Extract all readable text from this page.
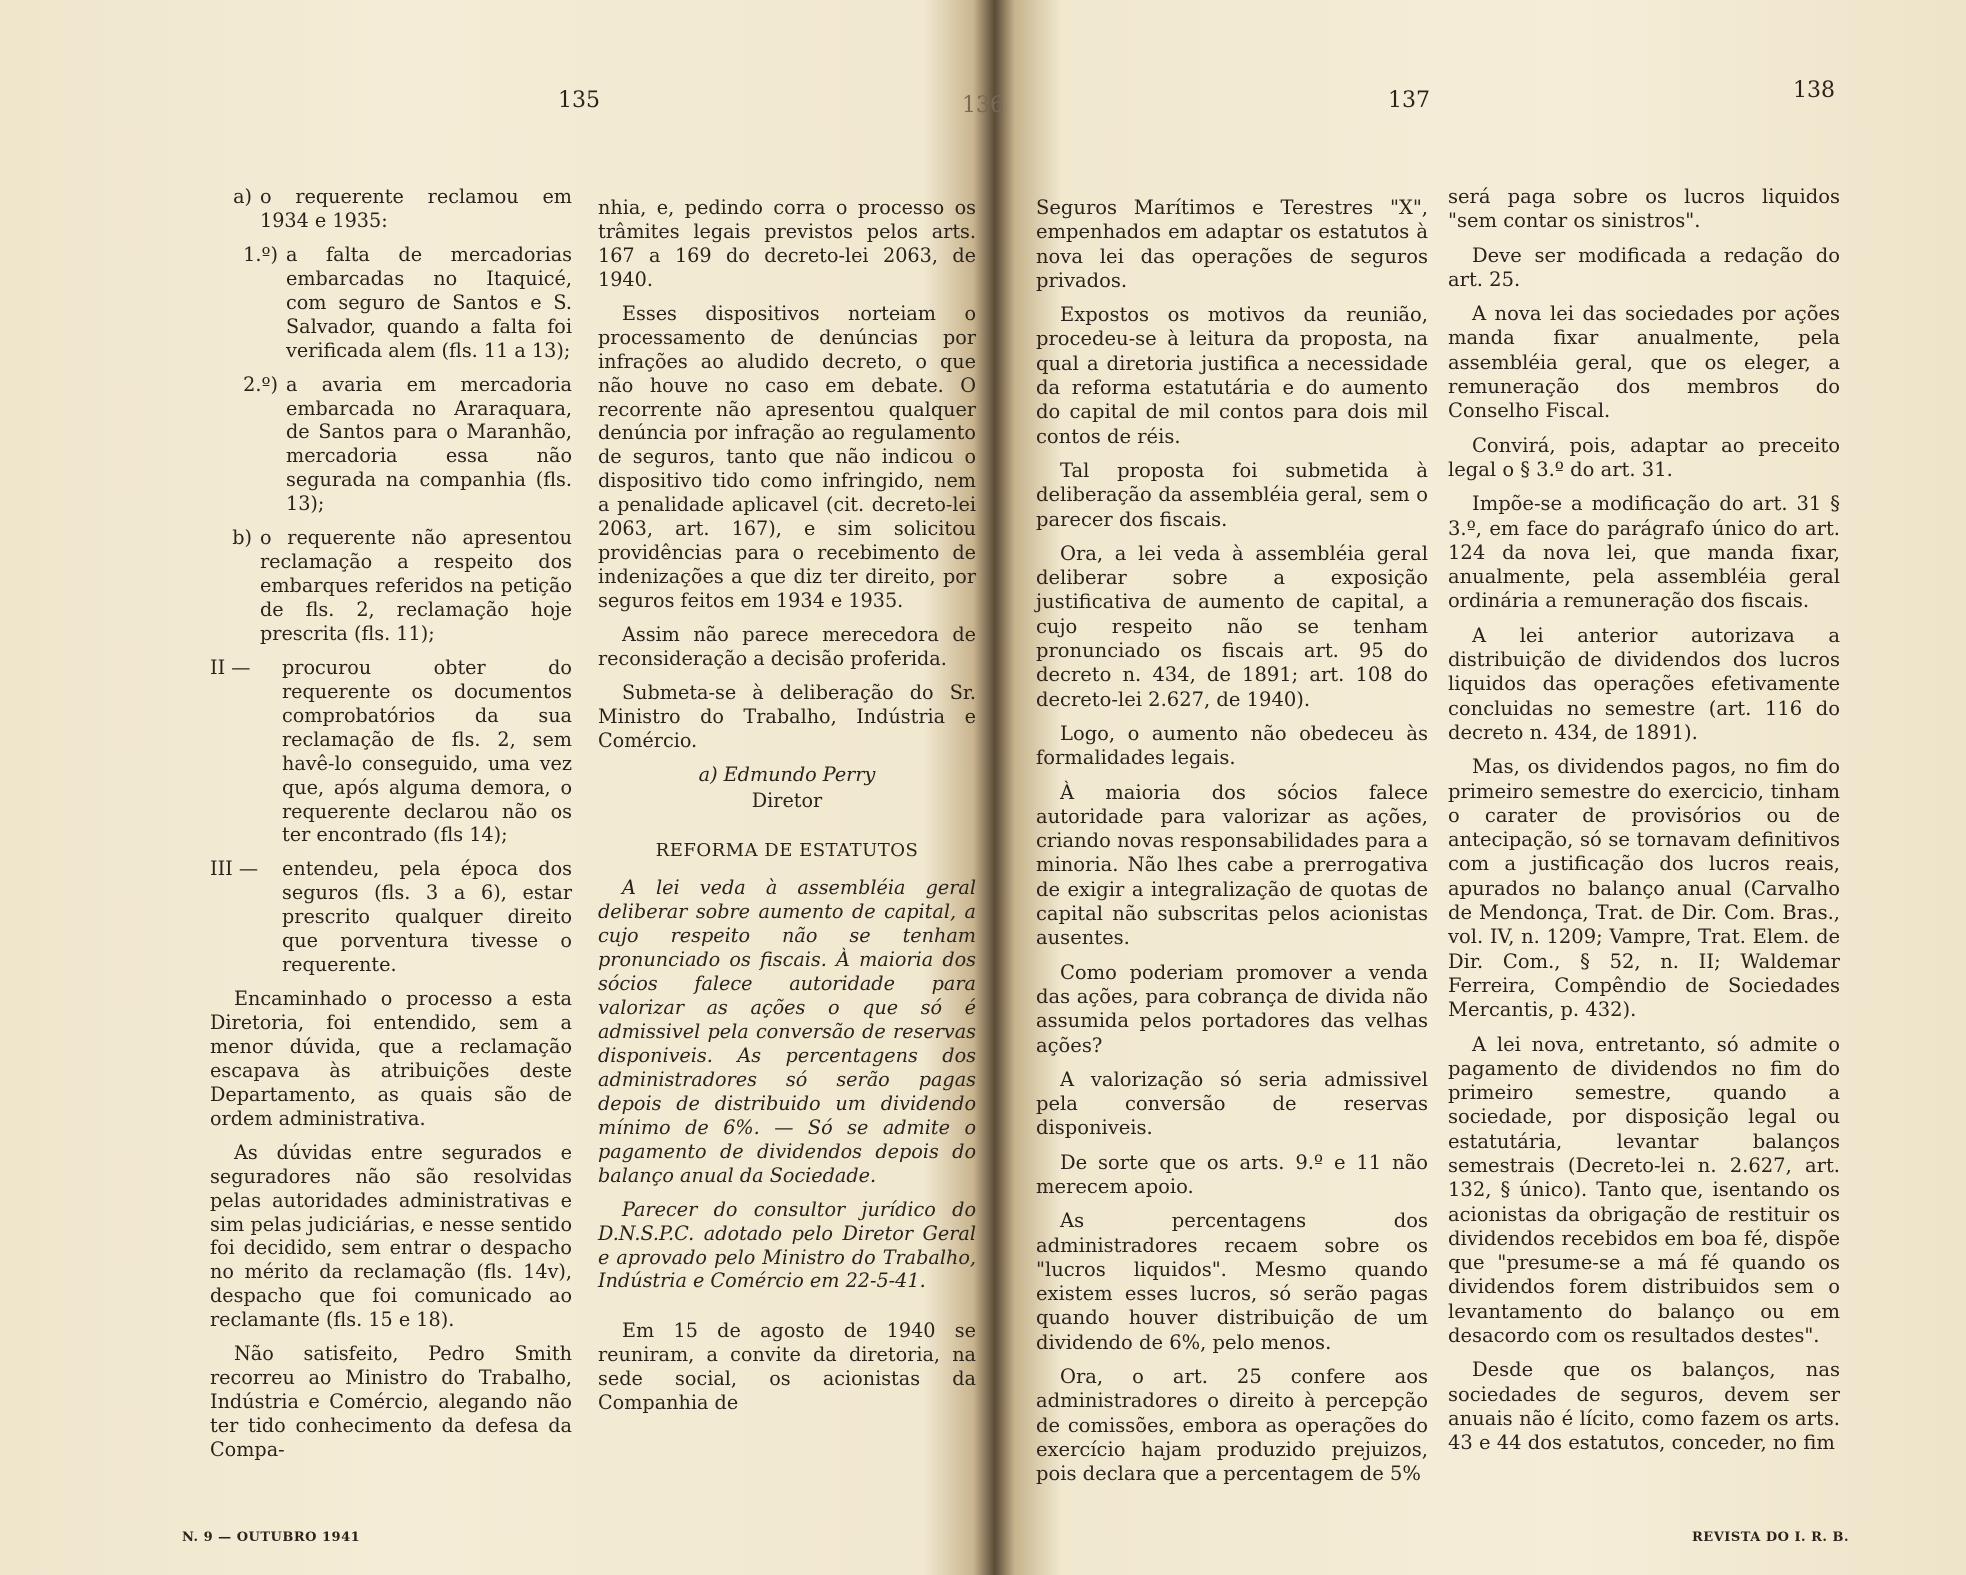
135	136	137	138
a) o requerente reclamou em 1934 e 1935:
1.º) a falta de mercadorias embarcadas no Itaquicé, com seguro de Santos e S. Salvador, quando a falta foi verificada alem (fls. 11 a 13);
2.º) a avaria em mercadoria embarcada no Araraquara, de Santos para o Maranhão, mercadoria essa não segurada na companhia (fls. 13);
b) o requerente não apresentou reclamação a respeito dos embarques referidos na petição de fls. 2, reclamação hoje prescrita (fls. 11);
II —	procurou obter do requerente os documentos comprobatórios da sua reclamação de fls. 2, sem havê-lo conseguido, uma vez que, após alguma demora, o requerente declarou não os ter encontrado (fls 14);
III —	entendeu, pela época dos seguros (fls. 3 a 6), estar prescrito qualquer direito que porventura tivesse o requerente.

Encaminhado o processo a esta Diretoria, foi entendido, sem a menor dúvida, que a reclamação escapava às atribuições deste Departamento, as quais são de ordem administrativa.

As dúvidas entre segurados e seguradores não são resolvidas pelas autoridades administrativas e sim pelas judiciárias, e nesse sentido foi decidido, sem entrar o despacho no mérito da reclamação (fls. 14v), despacho que foi comunicado ao reclamante (fls. 15 e 18).

Não satisfeito, Pedro Smith recorreu ao Ministro do Trabalho, Indústria e Comércio, alegando não ter tido conhecimento da defesa da Compa-

nhia, e, pedindo corra o processo os trâmites legais previstos pelos arts. 167 a 169 do decreto-lei 2063, de 1940.

Esses dispositivos norteiam o processamento de denúncias por infrações ao aludido decreto, o que não houve no caso em debate. O recorrente não apresentou qualquer denúncia por infração ao regulamento de seguros, tanto que não indicou o dispositivo tido como infringido, nem a penalidade aplicavel (cit. decreto-lei 2063, art. 167), e sim solicitou providências para o recebimento de indenizações a que diz ter direito, por seguros feitos em 1934 e 1935.

Assim não parece merecedora de reconsideração a decisão proferida.

Submeta-se à deliberação do Sr. Ministro do Trabalho, Indústria e Comércio.

a) Edmundo Perry
Diretor
REFORMA DE ESTATUTOS

A lei veda à assembléia geral deliberar sobre aumento de capital, a cujo respeito não se tenham pronunciado os fiscais. À maioria dos sócios falece autoridade para valorizar as ações o que só é admissivel pela conversão de reservas disponiveis. As percentagens dos administradores só serão pagas depois de distribuido um dividendo mínimo de 6%. — Só se admite o pagamento de dividendos depois do balanço anual da Sociedade.

Parecer do consultor jurídico do D.N.S.P.C. adotado pelo Diretor Geral e aprovado pelo Ministro do Trabalho, Indústria e Comércio em 22-5-41.

Em 15 de agosto de 1940 se reuniram, a convite da diretoria, na sede social, os acionistas da Companhia de

Seguros Marítimos e Terestres "X", empenhados em adaptar os estatutos à nova lei das operações de seguros privados.

Expostos os motivos da reunião, procedeu-se à leitura da proposta, na qual a diretoria justifica a necessidade da reforma estatutária e do aumento do capital de mil contos para dois mil contos de réis.

Tal proposta foi submetida à deliberação da assembléia geral, sem o parecer dos fiscais.

Ora, a lei veda à assembléia geral deliberar sobre a exposição justificativa de aumento de capital, a cujo respeito não se tenham pronunciado os fiscais art. 95 do decreto n. 434, de 1891; art. 108 do decreto-lei 2.627, de 1940).

Logo, o aumento não obedeceu às formalidades legais.

À maioria dos sócios falece autoridade para valorizar as ações, criando novas responsabilidades para a minoria. Não lhes cabe a prerrogativa de exigir a integralização de quotas de capital não subscritas pelos acionistas ausentes.

Como poderiam promover a venda das ações, para cobrança de divida não assumida pelos portadores das velhas ações?

A valorização só seria admissivel pela conversão de reservas disponiveis.

De sorte que os arts. 9.º e 11 não merecem apoio.

As percentagens dos administradores recaem sobre os "lucros liquidos". Mesmo quando existem esses lucros, só serão pagas quando houver distribuição de um dividendo de 6%, pelo menos.

Ora, o art. 25 confere aos administradores o direito à percepção de comissões, embora as operações do exercício hajam produzido prejuizos, pois declara que a percentagem de 5%

será paga sobre os lucros liquidos "sem contar os sinistros".

Deve ser modificada a redação do art. 25.

A nova lei das sociedades por ações manda fixar anualmente, pela assembléia geral, que os eleger, a remuneração dos membros do Conselho Fiscal.

Convirá, pois, adaptar ao preceito legal o § 3.º do art. 31.

Impõe-se a modificação do art. 31 § 3.º, em face do parágrafo único do art. 124 da nova lei, que manda fixar, anualmente, pela assembléia geral ordinária a remuneração dos fiscais.

A lei anterior autorizava a distribuição de dividendos dos lucros liquidos das operações efetivamente concluidas no semestre (art. 116 do decreto n. 434, de 1891).

Mas, os dividendos pagos, no fim do primeiro semestre do exercicio, tinham o carater de provisórios ou de antecipação, só se tornavam definitivos com a justificação dos lucros reais, apurados no balanço anual (Carvalho de Mendonça, Trat. de Dir. Com. Bras., vol. IV, n. 1209; Vampre, Trat. Elem. de Dir. Com., § 52, n. II; Waldemar Ferreira, Compêndio de Sociedades Mercantis, p. 432).

A lei nova, entretanto, só admite o pagamento de dividendos no fim do primeiro semestre, quando a sociedade, por disposição legal ou estatutária, levantar balanços semestrais (Decreto-lei n. 2.627, art. 132, § único). Tanto que, isentando os acionistas da obrigação de restituir os dividendos recebidos em boa fé, dispõe que "presume-se a má fé quando os dividendos forem distribuidos sem o levantamento do balanço ou em desacordo com os resultados destes".

Desde que os balanços, nas sociedades de seguros, devem ser anuais não é lícito, como fazem os arts. 43 e 44 dos estatutos, conceder, no fim

N. 9 — OUTUBRO 1941	REVISTA DO I. R. B.
